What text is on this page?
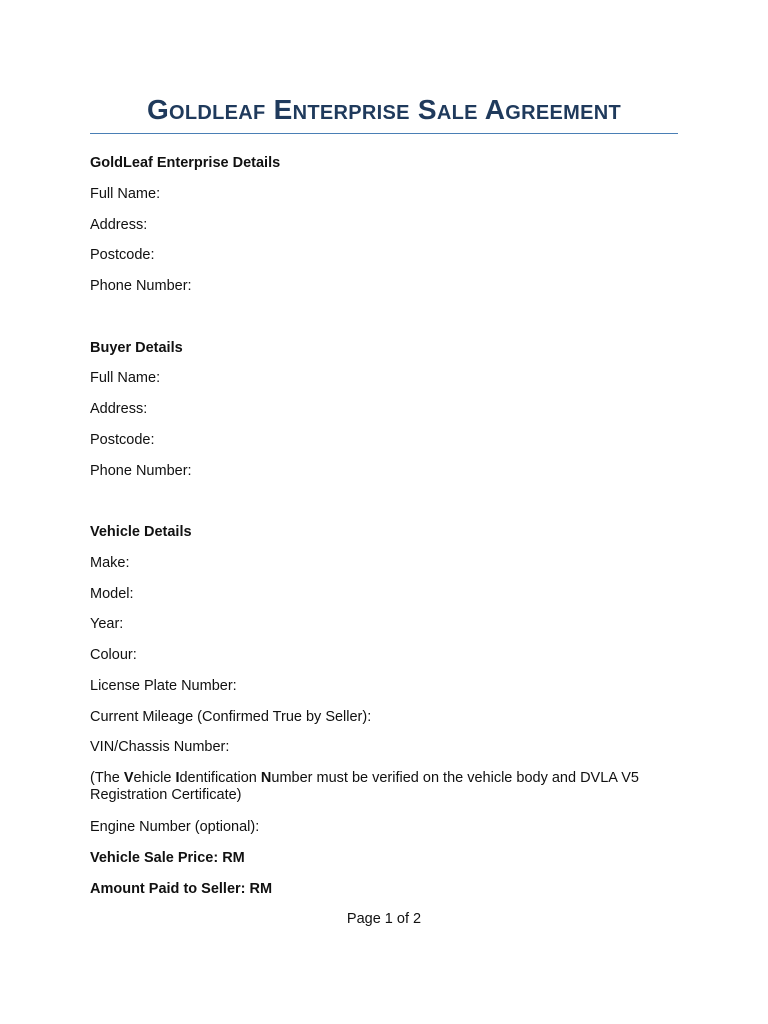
Goldleaf Enterprise Sale Agreement

GoldLeaf Enterprise Details

Full Name:

Address:

Postcode:

Phone Number:

Buyer Details

Full Name:

Address:

Postcode:

Phone Number:

Vehicle Details

Make:

Model:

Year:

Colour:

License Plate Number:

Current Mileage (Confirmed True by Seller):

VIN/Chassis Number:

(The Vehicle Identification Number must be verified on the vehicle body and DVLA V5 Registration Certificate)

Engine Number (optional):

Vehicle Sale Price: RM

Amount Paid to Seller: RM

Page 1 of 2
